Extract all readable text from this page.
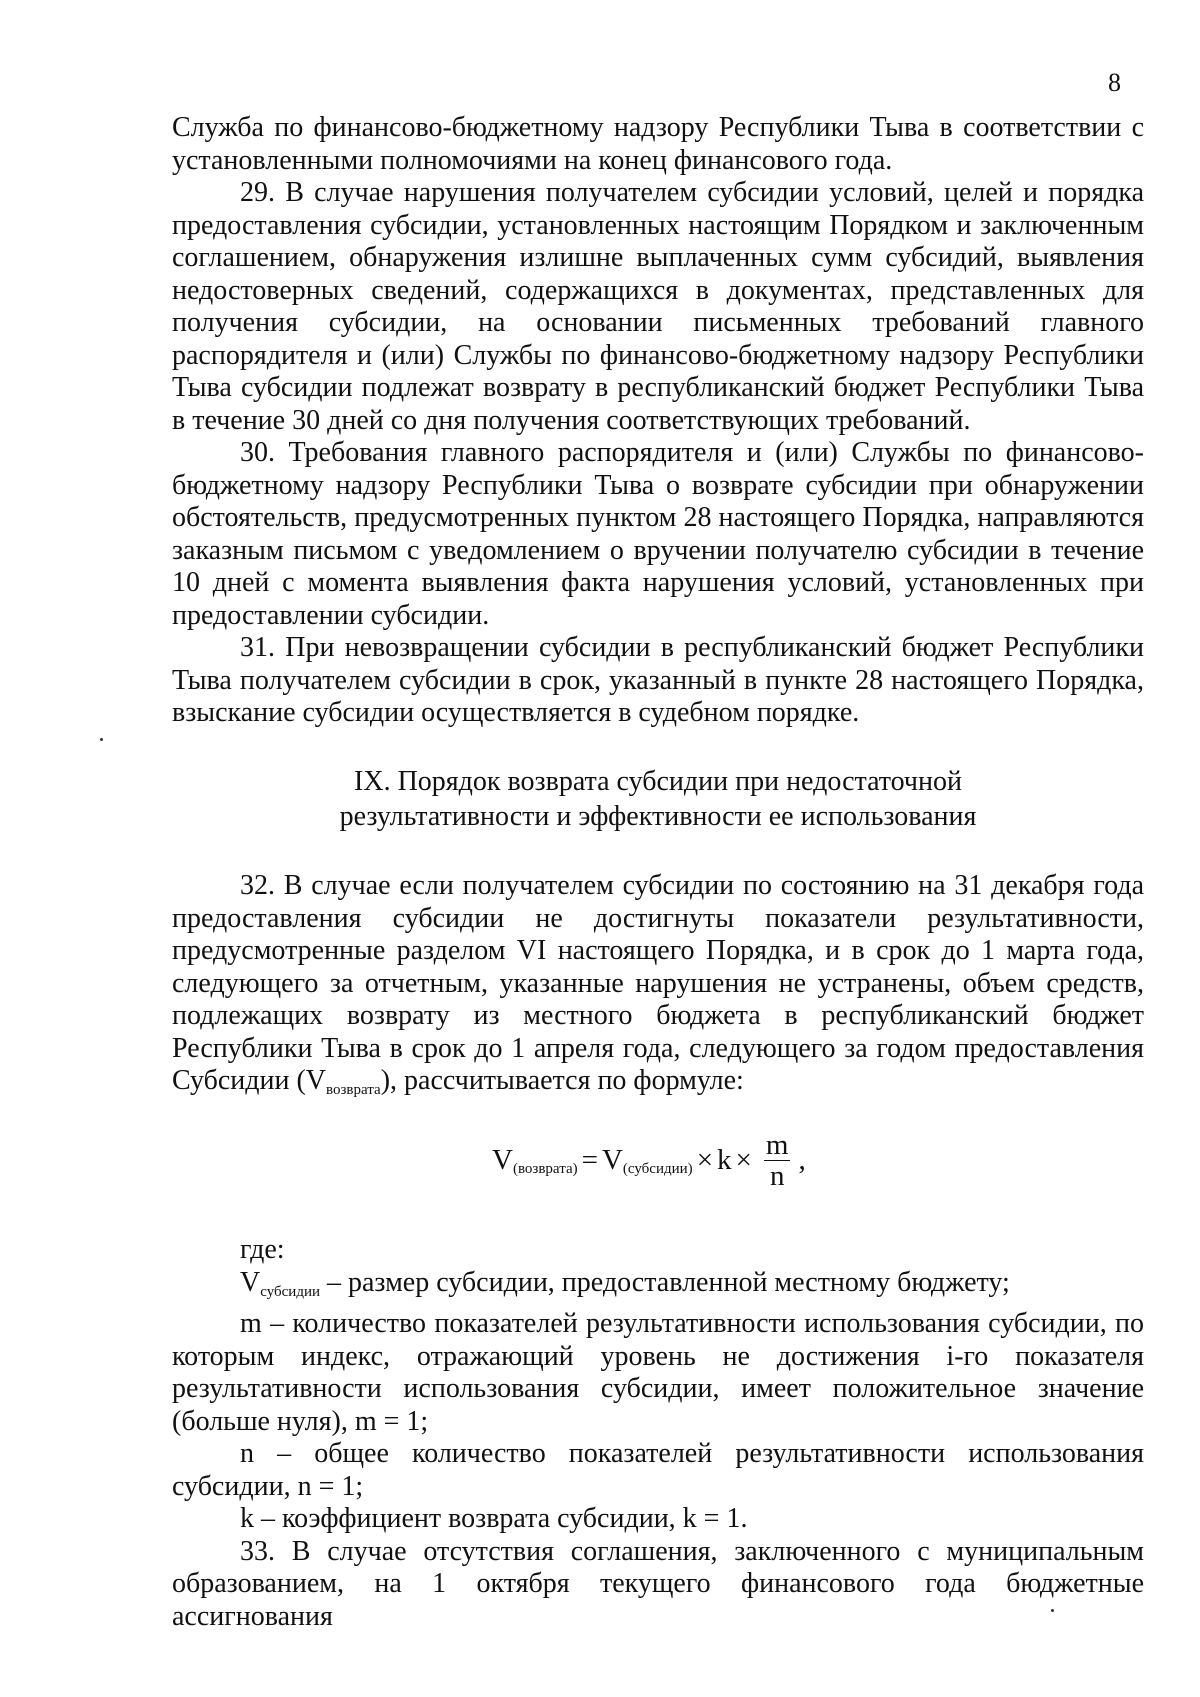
8

Служба по финансово-бюджетному надзору Республики Тыва в соответствии с установленными полномочиями на конец финансового года.

29. В случае нарушения получателем субсидии условий, целей и порядка предоставления субсидии, установленных настоящим Порядком и заключенным соглашением, обнаружения излишне выплаченных сумм субсидий, выявления недостоверных сведений, содержащихся в документах, представленных для получения субсидии, на основании письменных требований главного распорядителя и (или) Службы по финансово-бюджетному надзору Республики Тыва субсидии подлежат возврату в республиканский бюджет Республики Тыва в течение 30 дней со дня получения соответствующих требований.

30. Требования главного распорядителя и (или) Службы по финансово-бюджетному надзору Республики Тыва о возврате субсидии при обнаружении обстоятельств, предусмотренных пунктом 28 настоящего Порядка, направляются заказным письмом с уведомлением о вручении получателю субсидии в течение 10 дней с момента выявления факта нарушения условий, установленных при предоставлении субсидии.

31. При невозвращении субсидии в республиканский бюджет Республики Тыва получателем субсидии в срок, указанный в пункте 28 настоящего Порядка, взыскание субсидии осуществляется в судебном порядке.

IX. Порядок возврата субсидии при недостаточной
результативности и эффективности ее использования

32. В случае если получателем субсидии по состоянию на 31 декабря года предоставления субсидии не достигнуты показатели результативности, предусмотренные разделом VI настоящего Порядка, и в срок до 1 марта года, следующего за отчетным, указанные нарушения не устранены, объем средств, подлежащих возврату из местного бюджета в республиканский бюджет Республики Тыва в срок до 1 апреля года, следующего за годом предоставления Субсидии $(V_{возврата})$, рассчитывается по формуле:

V (возврата) = V (субсидии) × $k \times \frac{m}{n}$ ,

где:

$V_{субсидии}$ – размер субсидии, предоставленной местному бюджету;

m – количество показателей результативности использования субсидии, по которым индекс, отражающий уровень не достижения i-го показателя результативности использования субсидии, имеет положительное значение (больше нуля), m = 1;

n – общее количество показателей результативности использования субсидии, n = 1;

k – коэффициент возврата субсидии, k = 1.

33. В случае отсутствия соглашения, заключенного с муниципальным образованием, на 1 октября текущего финансового года бюджетные ассигнования
